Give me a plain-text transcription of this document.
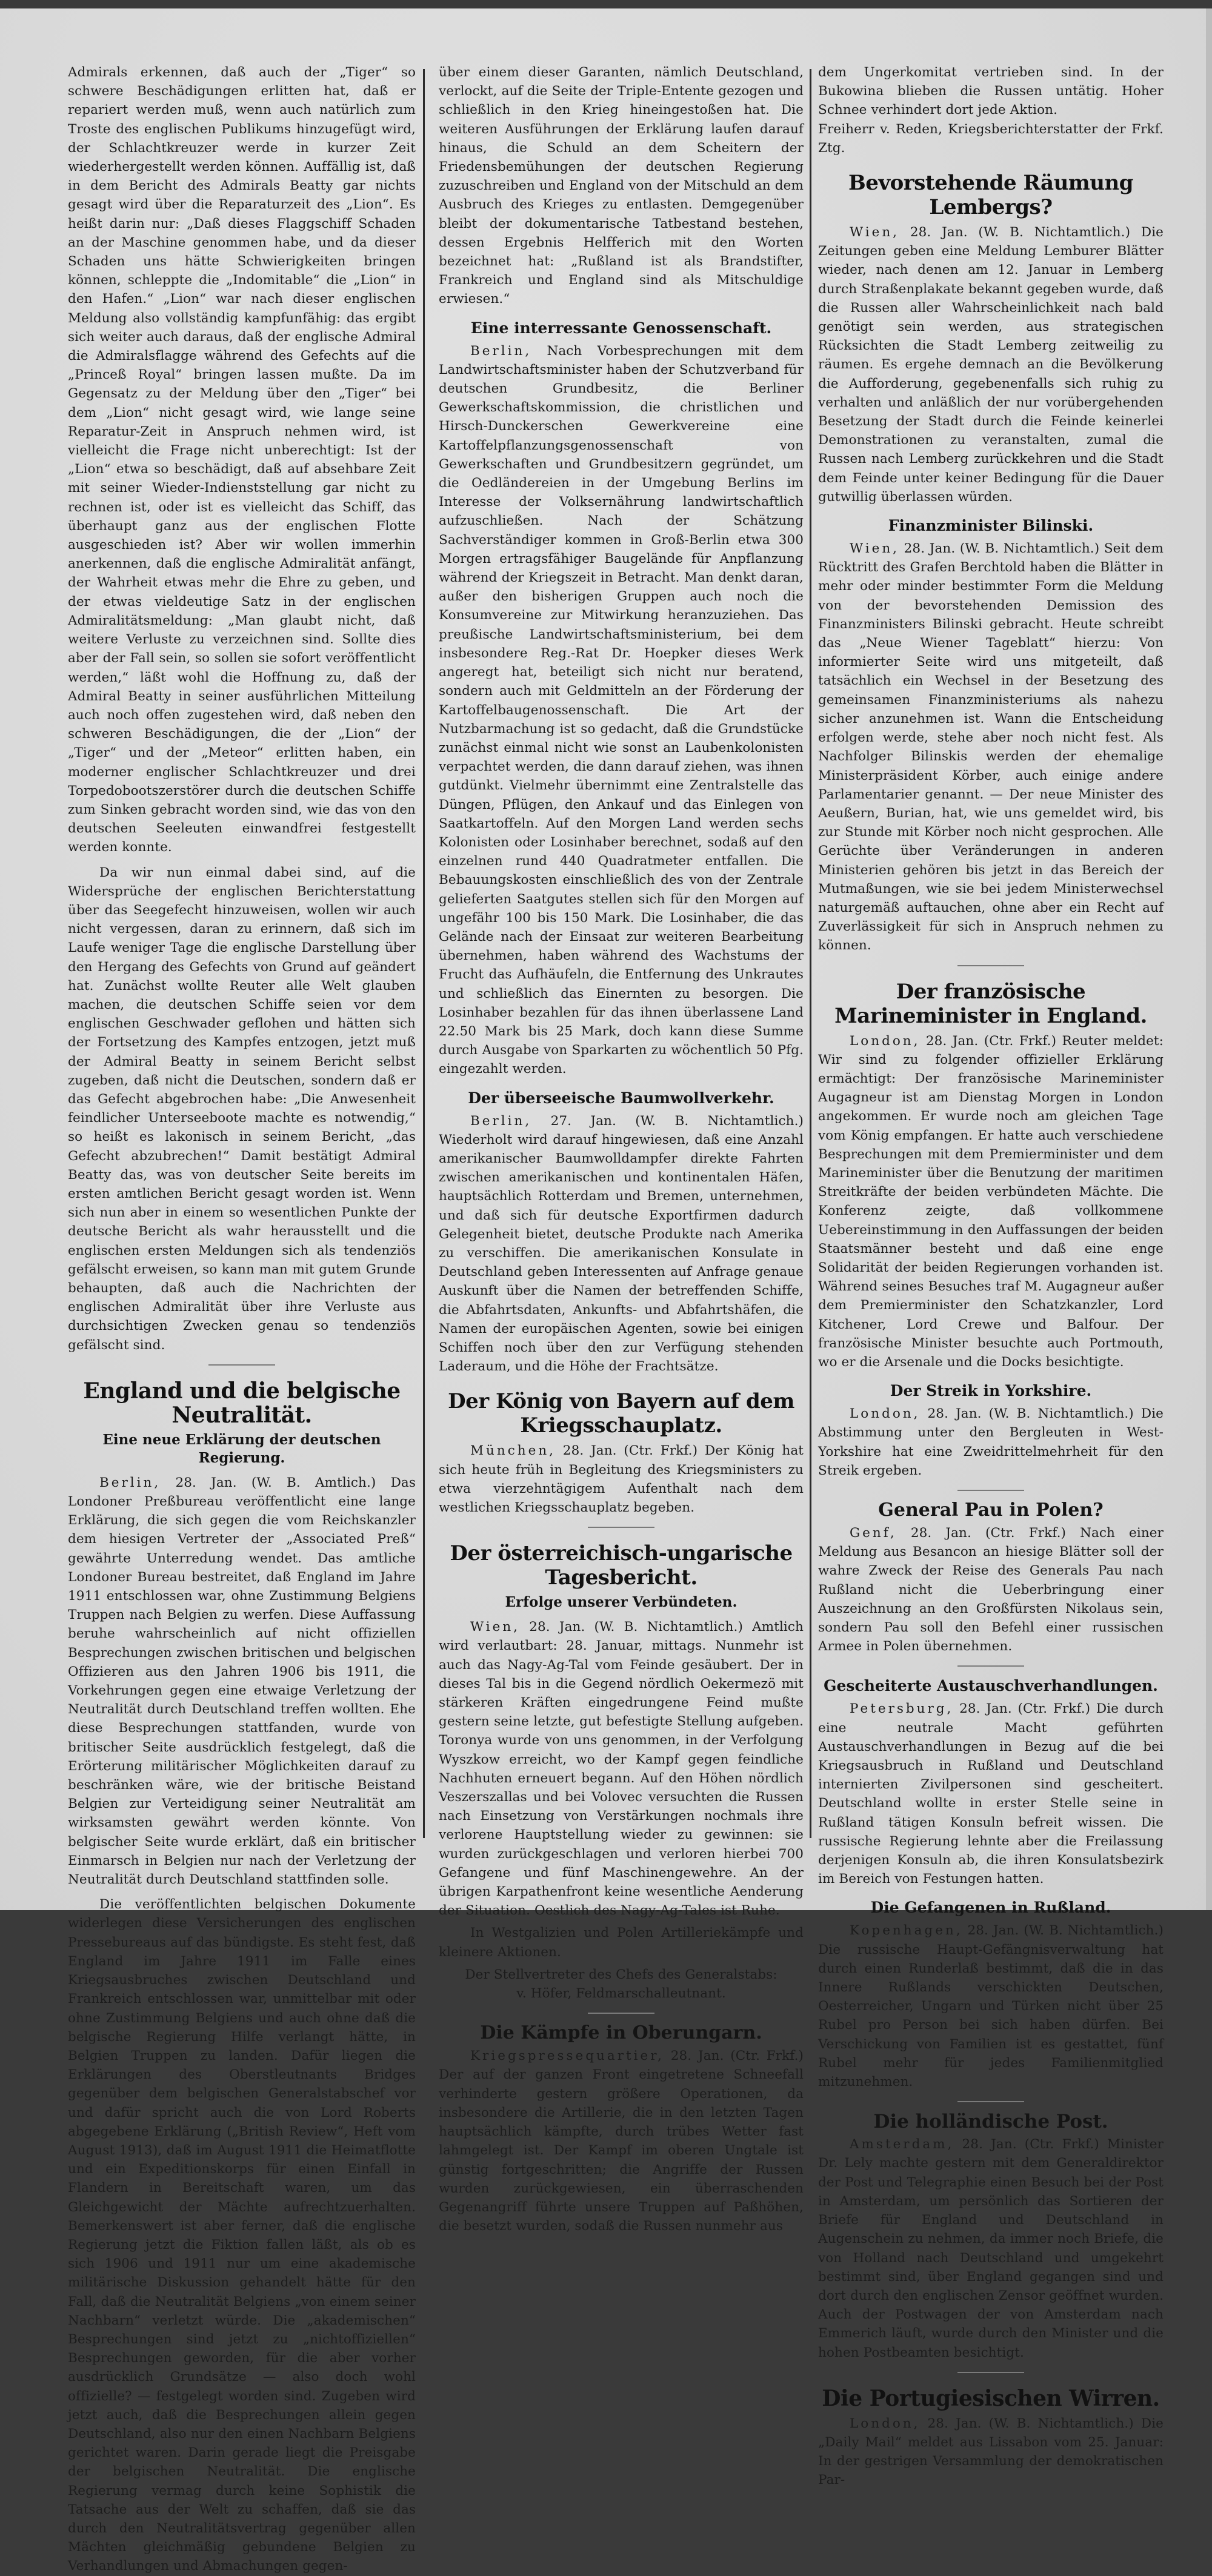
Admirals erkennen, daß auch der „Tiger“ so schwere Beschädigungen erlitten hat, daß er repariert werden muß, wenn auch natürlich zum Troste des englischen Publikums hinzugefügt wird, der Schlachtkreuzer werde in kurzer Zeit wiederhergestellt werden können. Auffällig ist, daß in dem Bericht des Admirals Beatty gar nichts gesagt wird über die Reparaturzeit des „Lion“. Es heißt darin nur: „Daß dieses Flaggschiff Schaden an der Maschine genommen habe, und da dieser Schaden uns hätte Schwierigkeiten bringen können, schleppte die „Indomitable“ die „Lion“ in den Hafen.“ „Lion“ war nach dieser englischen Meldung also vollständig kampfunfähig: das ergibt sich weiter auch daraus, daß der englische Admiral die Admiralsflagge während des Gefechts auf die „Princeß Royal“ bringen lassen mußte. Da im Gegensatz zu der Meldung über den „Tiger“ bei dem „Lion“ nicht gesagt wird, wie lange seine Reparatur-Zeit in Anspruch nehmen wird, ist vielleicht die Frage nicht unberechtigt: Ist der „Lion“ etwa so beschädigt, daß auf absehbare Zeit mit seiner Wieder-Indienststellung gar nicht zu rechnen ist, oder ist es vielleicht das Schiff, das überhaupt ganz aus der englischen Flotte ausgeschieden ist? Aber wir wollen immerhin anerkennen, daß die englische Admiralität anfängt, der Wahrheit etwas mehr die Ehre zu geben, und der etwas vieldeutige Satz in der englischen Admiralitätsmeldung: „Man glaubt nicht, daß weitere Verluste zu verzeichnen sind. Sollte dies aber der Fall sein, so sollen sie sofort veröffentlicht werden,“ läßt wohl die Hoffnung zu, daß der Admiral Beatty in seiner ausführlichen Mitteilung auch noch offen zugestehen wird, daß neben den schweren Beschädigungen, die der „Lion“ der „Tiger“ und der „Meteor“ erlitten haben, ein moderner englischer Schlachtkreuzer und drei Torpedobootszerstörer durch die deutschen Schiffe zum Sinken gebracht worden sind, wie das von den deutschen Seeleuten einwandfrei festgestellt werden konnte.

Da wir nun einmal dabei sind, auf die Widersprüche der englischen Berichterstattung über das Seegefecht hinzuweisen, wollen wir auch nicht vergessen, daran zu erinnern, daß sich im Laufe weniger Tage die englische Darstellung über den Hergang des Gefechts von Grund auf geändert hat. Zunächst wollte Reuter alle Welt glauben machen, die deutschen Schiffe seien vor dem englischen Geschwader geflohen und hätten sich der Fortsetzung des Kampfes entzogen, jetzt muß der Admiral Beatty in seinem Bericht selbst zugeben, daß nicht die Deutschen, sondern daß er das Gefecht abgebrochen habe: „Die Anwesenheit feindlicher Unterseeboote machte es notwendig,“ so heißt es lakonisch in seinem Bericht, „das Gefecht abzubrechen!“ Damit bestätigt Admiral Beatty das, was von deutscher Seite bereits im ersten amtlichen Bericht gesagt worden ist. Wenn sich nun aber in einem so wesentlichen Punkte der deutsche Bericht als wahr herausstellt und die englischen ersten Meldungen sich als tendenziös gefälscht erweisen, so kann man mit gutem Grunde behaupten, daß auch die Nachrichten der englischen Admiralität über ihre Verluste aus durchsichtigen Zwecken genau so tendenziös gefälscht sind.

England und die belgische Neutralität.
Eine neue Erklärung der deutschen Regierung.

Berlin, 28. Jan. (W. B. Amtlich.) Das Londoner Preßbureau veröffentlicht eine lange Erklärung, die sich gegen die vom Reichskanzler dem hiesigen Vertreter der „Associated Preß“ gewährte Unterredung wendet. Das amtliche Londoner Bureau bestreitet, daß England im Jahre 1911 entschlossen war, ohne Zustimmung Belgiens Truppen nach Belgien zu werfen. Diese Auffassung beruhe wahrscheinlich auf nicht offiziellen Besprechungen zwischen britischen und belgischen Offizieren aus den Jahren 1906 bis 1911, die Vorkehrungen gegen eine etwaige Verletzung der Neutralität durch Deutschland treffen wollten. Ehe diese Besprechungen stattfanden, wurde von britischer Seite ausdrücklich festgelegt, daß die Erörterung militärischer Möglichkeiten darauf zu beschränken wäre, wie der britische Beistand Belgien zur Verteidigung seiner Neutralität am wirksamsten gewährt werden könnte. Von belgischer Seite wurde erklärt, daß ein britischer Einmarsch in Belgien nur nach der Verletzung der Neutralität durch Deutschland stattfinden solle.

Die veröffentlichten belgischen Dokumente widerlegen diese Versicherungen des englischen Pressebureaus auf das bündigste. Es steht fest, daß England im Jahre 1911 im Falle eines Kriegsausbruches zwischen Deutschland und Frankreich entschlossen war, unmittelbar mit oder ohne Zustimmung Belgiens und auch ohne daß die belgische Regierung Hilfe verlangt hätte, in Belgien Truppen zu landen. Dafür liegen die Erklärungen des Oberstleutnants Bridges gegenüber dem belgischen Generalstabschef vor und dafür spricht auch die von Lord Roberts abgegebene Erklärung („British Review“, Heft vom August 1913), daß im August 1911 die Heimatflotte und ein Expeditionskorps für einen Einfall in Flandern in Bereitschaft waren, um das Gleichgewicht der Mächte aufrechtzuerhalten. Bemerkenswert ist aber ferner, daß die englische Regierung jetzt die Fiktion fallen läßt, als ob es sich 1906 und 1911 nur um eine akademische militärische Diskussion gehandelt hätte für den Fall, daß die Neutralität Belgiens „von einem seiner Nachbarn“ verletzt würde. Die „akademischen“ Besprechungen sind jetzt zu „nichtoffiziellen“ Besprechungen geworden, für die aber vorher ausdrücklich Grundsätze — also doch wohl offizielle? — festgelegt worden sind. Zugeben wird jetzt auch, daß die Besprechungen allein gegen Deutschland, also nur den einen Nachbarn Belgiens gerichtet waren. Darin gerade liegt die Preisgabe der belgischen Neutralität. Die englische Regierung vermag durch keine Sophistik die Tatsache aus der Welt zu schaffen, daß sie das durch den Neutralitätsvertrag gegenüber allen Mächten gleichmäßig gebundene Belgien zu Verhandlungen und Abmachungen gegen-

über einem dieser Garanten, nämlich Deutschland, verlockt, auf die Seite der Triple-Entente gezogen und schließlich in den Krieg hineingestoßen hat. Die weiteren Ausführungen der Erklärung laufen darauf hinaus, die Schuld an dem Scheitern der Friedensbemühungen der deutschen Regierung zuzuschreiben und England von der Mitschuld an dem Ausbruch des Krieges zu entlasten. Demgegenüber bleibt der dokumentarische Tatbestand bestehen, dessen Ergebnis Helfferich mit den Worten bezeichnet hat: „Rußland ist als Brandstifter, Frankreich und England sind als Mitschuldige erwiesen.“

Eine interressante Genossenschaft.

Berlin, Nach Vorbesprechungen mit dem Landwirtschaftsminister haben der Schutzverband für deutschen Grundbesitz, die Berliner Gewerkschaftskommission, die christlichen und Hirsch-Dunckerschen Gewerkvereine eine Kartoffelpflanzungsgenossenschaft von Gewerkschaften und Grundbesitzern gegründet, um die Oedländereien in der Umgebung Berlins im Interesse der Volksernährung landwirtschaftlich aufzuschließen. Nach der Schätzung Sachverständiger kommen in Groß-Berlin etwa 300 Morgen ertragsfähiger Baugelände für Anpflanzung während der Kriegszeit in Betracht. Man denkt daran, außer den bisherigen Gruppen auch noch die Konsumvereine zur Mitwirkung heranzuziehen. Das preußische Landwirtschaftsministerium, bei dem insbesondere Reg.-Rat Dr. Hoepker dieses Werk angeregt hat, beteiligt sich nicht nur beratend, sondern auch mit Geldmitteln an der Förderung der Kartoffelbaugenossenschaft. Die Art der Nutzbarmachung ist so gedacht, daß die Grundstücke zunächst einmal nicht wie sonst an Laubenkolonisten verpachtet werden, die dann darauf ziehen, was ihnen gutdünkt. Vielmehr übernimmt eine Zentralstelle das Düngen, Pflügen, den Ankauf und das Einlegen von Saatkartoffeln. Auf den Morgen Land werden sechs Kolonisten oder Losinhaber berechnet, sodaß auf den einzelnen rund 440 Quadratmeter entfallen. Die Bebauungskosten einschließlich des von der Zentrale gelieferten Saatgutes stellen sich für den Morgen auf ungefähr 100 bis 150 Mark. Die Losinhaber, die das Gelände nach der Einsaat zur weiteren Bearbeitung übernehmen, haben während des Wachstums der Frucht das Aufhäufeln, die Entfernung des Unkrautes und schließlich das Einernten zu besorgen. Die Losinhaber bezahlen für das ihnen überlassene Land 22.50 Mark bis 25 Mark, doch kann diese Summe durch Ausgabe von Sparkarten zu wöchentlich 50 Pfg. eingezahlt werden.

Der überseeische Baumwollverkehr.

Berlin, 27. Jan. (W. B. Nichtamtlich.) Wiederholt wird darauf hingewiesen, daß eine Anzahl amerikanischer Baumwolldampfer direkte Fahrten zwischen amerikanischen und kontinentalen Häfen, hauptsächlich Rotterdam und Bremen, unternehmen, und daß sich für deutsche Exportfirmen dadurch Gelegenheit bietet, deutsche Produkte nach Amerika zu verschiffen. Die amerikanischen Konsulate in Deutschland geben Interessenten auf Anfrage genaue Auskunft über die Namen der betreffenden Schiffe, die Abfahrtsdaten, Ankunfts- und Abfahrtshäfen, die Namen der europäischen Agenten, sowie bei einigen Schiffen noch über den zur Verfügung stehenden Laderaum, und die Höhe der Frachtsätze.

Der König von Bayern auf dem Kriegsschauplatz.

München, 28. Jan. (Ctr. Frkf.) Der König hat sich heute früh in Begleitung des Kriegsministers zu etwa vierzehntägigem Aufenthalt nach dem westlichen Kriegsschauplatz begeben.

Der österreichisch-ungarische Tagesbericht.
Erfolge unserer Verbündeten.

Wien, 28. Jan. (W. B. Nichtamtlich.) Amtlich wird verlautbart: 28. Januar, mittags. Nunmehr ist auch das Nagy-Ag-Tal vom Feinde gesäubert. Der in dieses Tal bis in die Gegend nördlich Oekermezö mit stärkeren Kräften eingedrungene Feind mußte gestern seine letzte, gut befestigte Stellung aufgeben. Toronya wurde von uns genommen, in der Verfolgung Wyszkow erreicht, wo der Kampf gegen feindliche Nachhuten erneuert begann. Auf den Höhen nördlich Veszerszallas und bei Volovec versuchten die Russen nach Einsetzung von Verstärkungen nochmals ihre verlorene Hauptstellung wieder zu gewinnen: sie wurden zurückgeschlagen und verloren hierbei 700 Gefangene und fünf Maschinengewehre. An der übrigen Karpathenfront keine wesentliche Aenderung der Situation. Oestlich des Nagy-Ag-Tales ist Ruhe.

In Westgalizien und Polen Artilleriekämpfe und kleinere Aktionen.

Der Stellvertreter des Chefs des Generalstabs:

v. Höfer, Feldmarschalleutnant.

Die Kämpfe in Oberungarn.

Kriegspressequartier, 28. Jan. (Ctr. Frkf.) Der auf der ganzen Front eingetretene Schneefall verhinderte gestern größere Operationen, da insbesondere die Artillerie, die in den letzten Tagen hauptsächlich kämpfte, durch trübes Wetter fast lahmgelegt ist. Der Kampf im oberen Ungtale ist günstig fortgeschritten; die Angriffe der Russen wurden zurückgewiesen, ein überraschenden Gegenangriff führte unsere Truppen auf Paßhöhen, die besetzt wurden, sodaß die Russen nunmehr aus

dem Ungerkomitat vertrieben sind. In der Bukowina blieben die Russen untätig. Hoher Schnee verhindert dort jede Aktion.

Freiherr v. Reden, Kriegsberichterstatter der Frkf. Ztg.

Bevorstehende Räumung Lembergs?

Wien, 28. Jan. (W. B. Nichtamtlich.) Die Zeitungen geben eine Meldung Lemburer Blätter wieder, nach denen am 12. Januar in Lemberg durch Straßenplakate bekannt gegeben wurde, daß die Russen aller Wahrscheinlichkeit nach bald genötigt sein werden, aus strategischen Rücksichten die Stadt Lemberg zeitweilig zu räumen. Es ergehe demnach an die Bevölkerung die Aufforderung, gegebenenfalls sich ruhig zu verhalten und anläßlich der nur vorübergehenden Besetzung der Stadt durch die Feinde keinerlei Demonstrationen zu veranstalten, zumal die Russen nach Lemberg zurückkehren und die Stadt dem Feinde unter keiner Bedingung für die Dauer gutwillig überlassen würden.

Finanzminister Bilinski.

Wien, 28. Jan. (W. B. Nichtamtlich.) Seit dem Rücktritt des Grafen Berchtold haben die Blätter in mehr oder minder bestimmter Form die Meldung von der bevorstehenden Demission des Finanzministers Bilinski gebracht. Heute schreibt das „Neue Wiener Tageblatt“ hierzu: Von informierter Seite wird uns mitgeteilt, daß tatsächlich ein Wechsel in der Besetzung des gemeinsamen Finanzministeriums als nahezu sicher anzunehmen ist. Wann die Entscheidung erfolgen werde, stehe aber noch nicht fest. Als Nachfolger Bilinskis werden der ehemalige Ministerpräsident Körber, auch einige andere Parlamentarier genannt. — Der neue Minister des Aeußern, Burian, hat, wie uns gemeldet wird, bis zur Stunde mit Körber noch nicht gesprochen. Alle Gerüchte über Veränderungen in anderen Ministerien gehören bis jetzt in das Bereich der Mutmaßungen, wie sie bei jedem Ministerwechsel naturgemäß auftauchen, ohne aber ein Recht auf Zuverlässigkeit für sich in Anspruch nehmen zu können.

Der französische Marineminister in England.

London, 28. Jan. (Ctr. Frkf.) Reuter meldet: Wir sind zu folgender offizieller Erklärung ermächtigt: Der französische Marineminister Augagneur ist am Dienstag Morgen in London angekommen. Er wurde noch am gleichen Tage vom König empfangen. Er hatte auch verschiedene Besprechungen mit dem Premierminister und dem Marineminister über die Benutzung der maritimen Streitkräfte der beiden verbündeten Mächte. Die Konferenz zeigte, daß vollkommene Uebereinstimmung in den Auffassungen der beiden Staatsmänner besteht und daß eine enge Solidarität der beiden Regierungen vorhanden ist. Während seines Besuches traf M. Augagneur außer dem Premierminister den Schatzkanzler, Lord Kitchener, Lord Crewe und Balfour. Der französische Minister besuchte auch Portmouth, wo er die Arsenale und die Docks besichtigte.

Der Streik in Yorkshire.

London, 28. Jan. (W. B. Nichtamtlich.) Die Abstimmung unter den Bergleuten in West-Yorkshire hat eine Zweidrittelmehrheit für den Streik ergeben.

General Pau in Polen?

Genf, 28. Jan. (Ctr. Frkf.) Nach einer Meldung aus Besancon an hiesige Blätter soll der wahre Zweck der Reise des Generals Pau nach Rußland nicht die Ueberbringung einer Auszeichnung an den Großfürsten Nikolaus sein, sondern Pau soll den Befehl einer russischen Armee in Polen übernehmen.

Gescheiterte Austauschverhandlungen.

Petersburg, 28. Jan. (Ctr. Frkf.) Die durch eine neutrale Macht geführten Austauschverhandlungen in Bezug auf die bei Kriegsausbruch in Rußland und Deutschland internierten Zivilpersonen sind gescheitert. Deutschland wollte in erster Stelle seine in Rußland tätigen Konsuln befreit wissen. Die russische Regierung lehnte aber die Freilassung derjenigen Konsuln ab, die ihren Konsulatsbezirk im Bereich von Festungen hatten.

Die Gefangenen in Rußland.

Kopenhagen, 28. Jan. (W. B. Nichtamtlich.) Die russische Haupt-Gefängnisverwaltung hat durch einen Runderlaß bestimmt, daß die in das Innere Rußlands verschickten Deutschen, Oesterreicher, Ungarn und Türken nicht über 25 Rubel pro Person bei sich haben dürfen. Bei Verschickung von Familien ist es gestattet, fünf Rubel mehr für jedes Familienmitglied mitzunehmen.

Die holländische Post.

Amsterdam, 28. Jan. (Ctr. Frkf.) Minister Dr. Lely machte gestern mit dem Generaldirektor der Post und Telegraphie einen Besuch bei der Post in Amsterdam, um persönlich das Sortieren der Briefe für England und Deutschland in Augenschein zu nehmen, da immer noch Briefe, die von Holland nach Deutschland und umgekehrt bestimmt sind, über England gegangen sind und dort durch den englischen Zensor geöffnet wurden. Auch der Postwagen der von Amsterdam nach Emmerich läuft, wurde durch den Minister und die hohen Postbeamten besichtigt.

Die Portugiesischen Wirren.

London, 28. Jan. (W. B. Nichtamtlich.) Die „Daily Mail“ meldet aus Lissabon vom 25. Januar: In der gestrigen Versammlung der demokratischen Par-
